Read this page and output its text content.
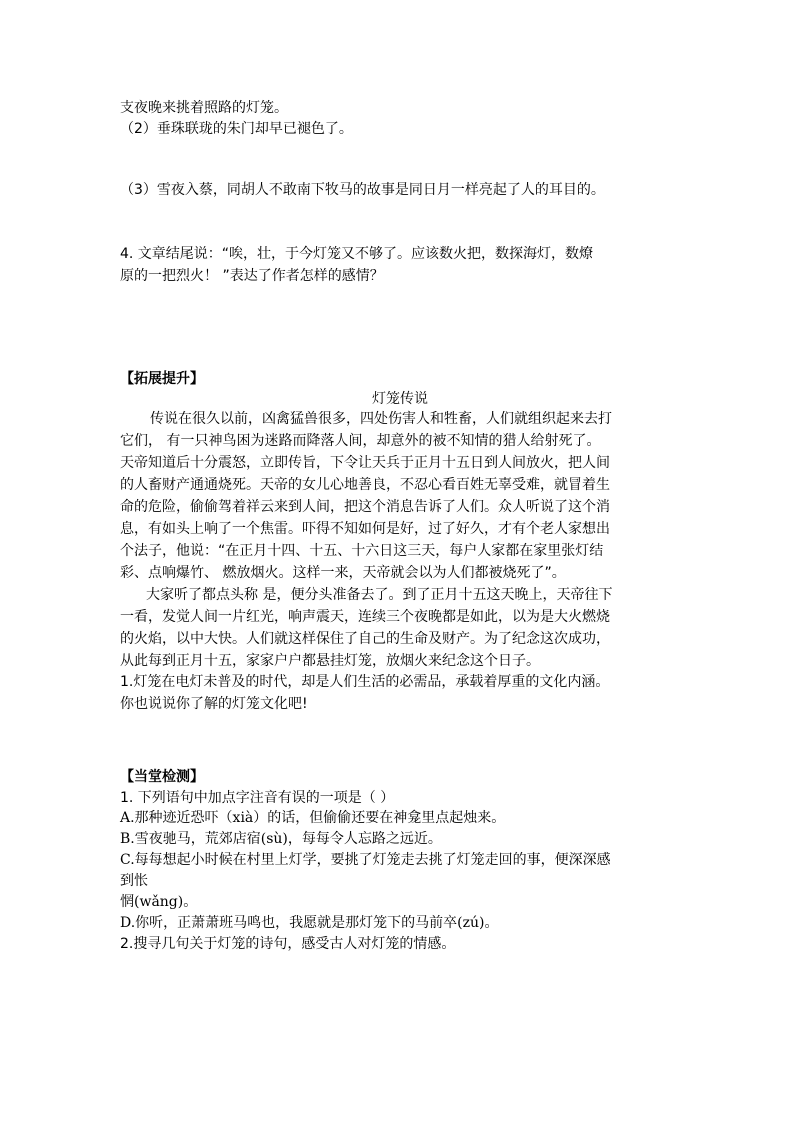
支夜晚来挑着照路的灯笼。
（2）垂珠联珑的朱门却早已褪色了。
（3）雪夜入蔡，同胡人不敢南下牧马的故事是同日月一样亮起了人的耳目的。
4. 文章结尾说：“唉，壮，于今灯笼又不够了。应该数火把，数探海灯，数燎
原的一把烈火！ ”表达了作者怎样的感情？
【拓展提升】
灯笼传说
传说在很久以前，凶禽猛兽很多，四处伤害人和牲畜，人们就组织起来去打
它们， 有一只神鸟困为迷路而降落人间，却意外的被不知情的猎人给射死了。
天帝知道后十分震怒，立即传旨，下令让天兵于正月十五日到人间放火，把人间
的人畜财产通通烧死。天帝的女儿心地善良，不忍心看百姓无辜受难，就冒着生
命的危险，偷偷驾着祥云来到人间，把这个消息告诉了人们。众人听说了这个消
息，有如头上响了一个焦雷。吓得不知如何是好，过了好久，才有个老人家想出
个法子，他说：“在正月十四、十五、十六日这三天，每户人家都在家里张灯结
彩、点响爆竹、 燃放烟火。这样一来，天帝就会以为人们都被烧死了”。
大家听了都点头称 是，便分头准备去了。到了正月十五这天晚上，天帝往下
一看，发觉人间一片红光，响声震天，连续三个夜晚都是如此，以为是大火燃烧
的火焰，以中大快。人们就这样保住了自己的生命及财产。为了纪念这次成功，
从此每到正月十五，家家户户都悬挂灯笼，放烟火来纪念这个日子。
1.灯笼在电灯未普及的时代，却是人们生活的必需品，承载着厚重的文化内涵。
你也说说你了解的灯笼文化吧!
【当堂检测】
1. 下列语句中加点字注音有误的一项是（ ）
A.那种迹近恐吓（xià）的话，但偷偷还要在神龛里点起烛来。
B.雪夜驰马，荒郊店宿(sù)，每每令人忘路之远近。
C.每每想起小时候在村里上灯学，要挑了灯笼走去挑了灯笼走回的事，便深深感
到怅
惘(wǎng)。
D.你听，正萧萧班马鸣也，我愿就是那灯笼下的马前卒(zú)。
2.搜寻几句关于灯笼的诗句，感受古人对灯笼的情感。
